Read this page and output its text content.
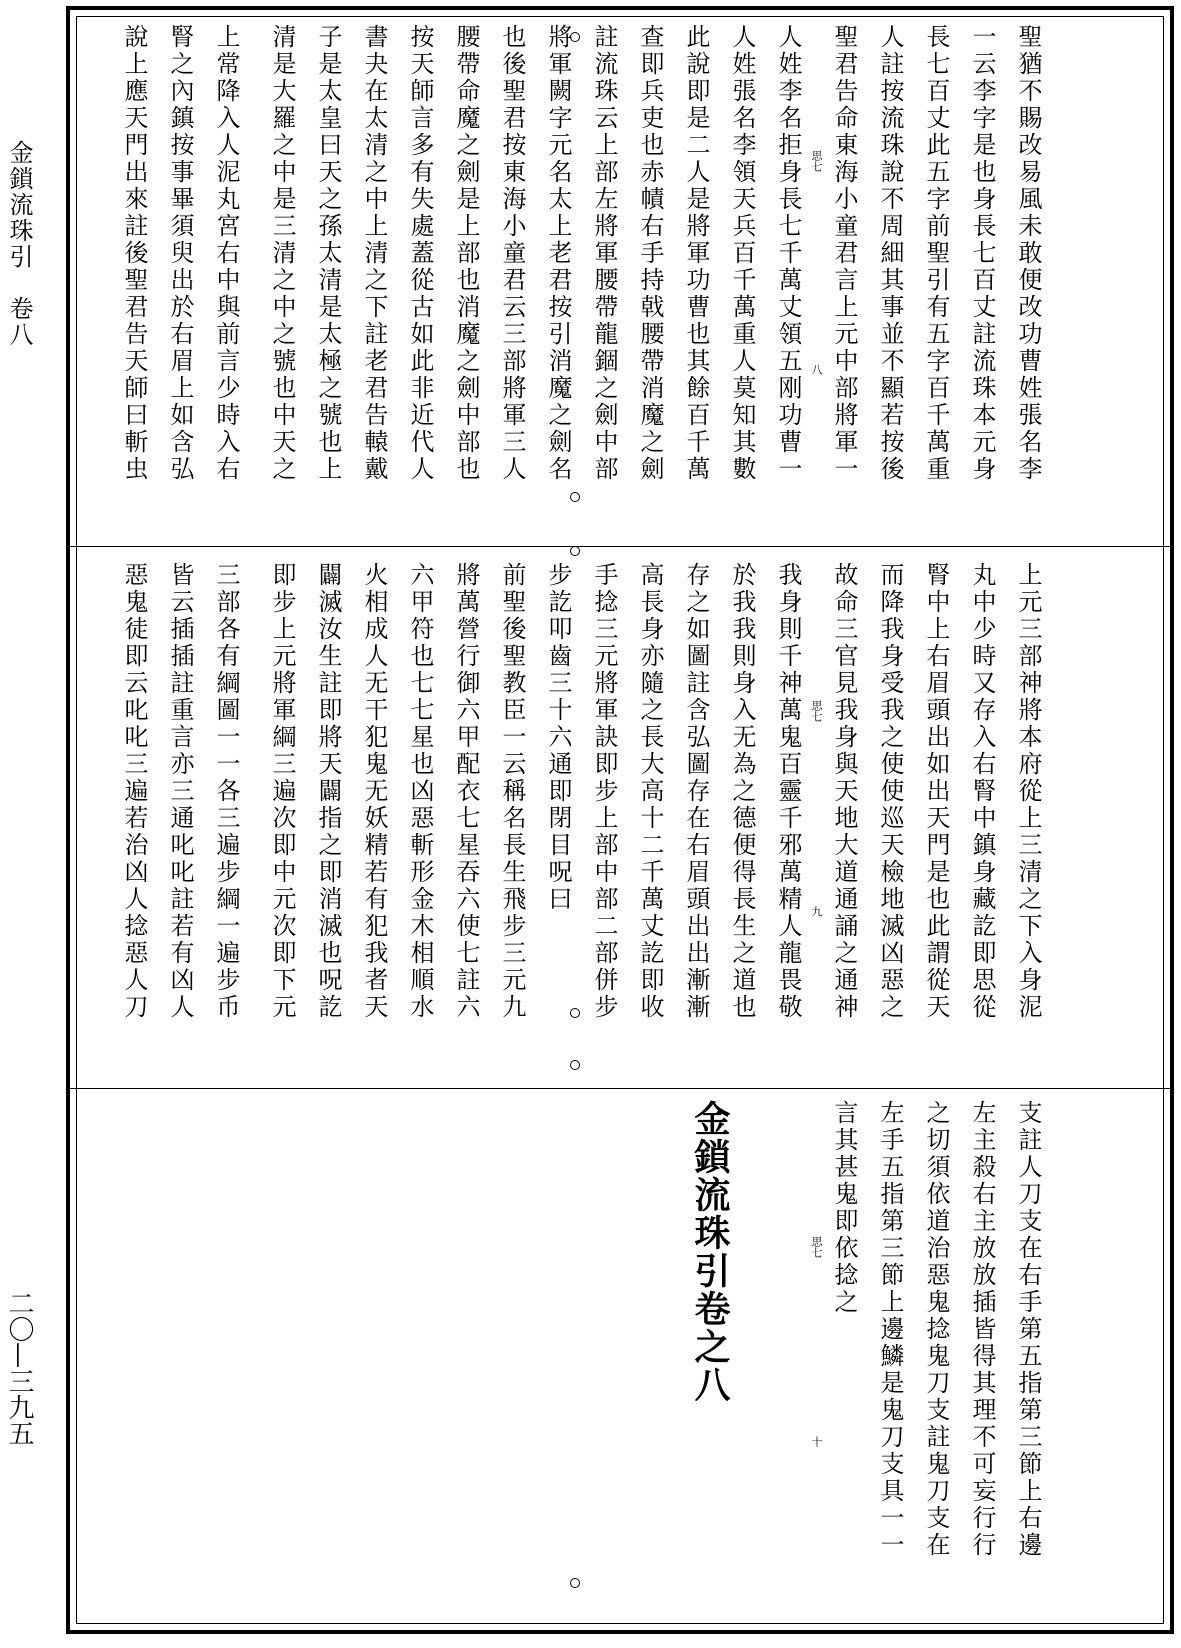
金鎖流珠引　卷八
二〇—三九五
聖猶不賜改易風未敢便改功曹姓張名李
一云李字是也身長七百丈註流珠本元身
長七百丈此五字前聖引有五字百千萬重
人註按流珠說不周細其事並不顯若按後
聖君告命東海小童君言上元中部將軍一
人姓李名拒身長七千萬丈領五刚功曹一
人姓張名李領天兵百千萬重人莫知其數
此說即是二人是將軍功曹也其餘百千萬
查即兵吏也赤幘右手持戟腰帶消魔之劍
註流珠云上部左將軍腰帶龍錮之劍中部
將軍闕字元名太上老君按引消魔之劍名
也後聖君按東海小童君云三部將軍三人
腰帶命魔之劍是上部也消魔之劍中部也
按天師言多有失處蓋從古如此非近代人
書夬在太清之中上清之下註老君告轅戴
子是太皇曰天之孫太清是太極之號也上
清是大羅之中是三清之中之號也中天之
上常降入人泥丸宮右中與前言少時入右
腎之內鎮按事畢須臾出於右眉上如含弘
說上應天門出來註後聖君告天師曰斬虫	思七
八
上元三部神將本府從上三清之下入身泥
丸中少時又存入右腎中鎮身藏訖即思從
腎中上右眉頭出如出天門是也此謂從天
而降我身受我之使使巡天檢地滅凶惡之
故命三官見我身與天地大道通誦之通神
我身則千神萬鬼百靈千邪萬精人龍畏敬
於我我則身入无為之德便得長生之道也
存之如圖註含弘圖存在右眉頭出出漸漸
高長身亦隨之長大高十二千萬丈訖即收
手捻三元將軍訣即步上部中部二部併步
步訖叩齒三十六通即閉目呪曰
前聖後聖教臣一云稱名長生飛步三元九
將萬營行御六甲配衣七星吞六使七註六
六甲符也七七星也凶惡斬形金木相順水
火相成人无干犯鬼无妖精若有犯我者天
闢滅汝生註即將天闢指之即消滅也呪訖
即步上元將軍綱三遍次即中元次即下元
三部各有綱圖一一各三遍步綱一遍步币
皆云插插註重言亦三通叱叱註若有凶人
惡鬼徒即云叱叱三遍若治凶人捻惡人刀	思七
九
支註人刀支在右手第五指第三節上右邊
左主殺右主放放插皆得其理不可妄行行
之切須依道治惡鬼捻鬼刀支註鬼刀支在
左手五指第三節上邊鱗是鬼刀支具一一
言其甚鬼即依捻之
思七
十
金鎖流珠引卷之八
